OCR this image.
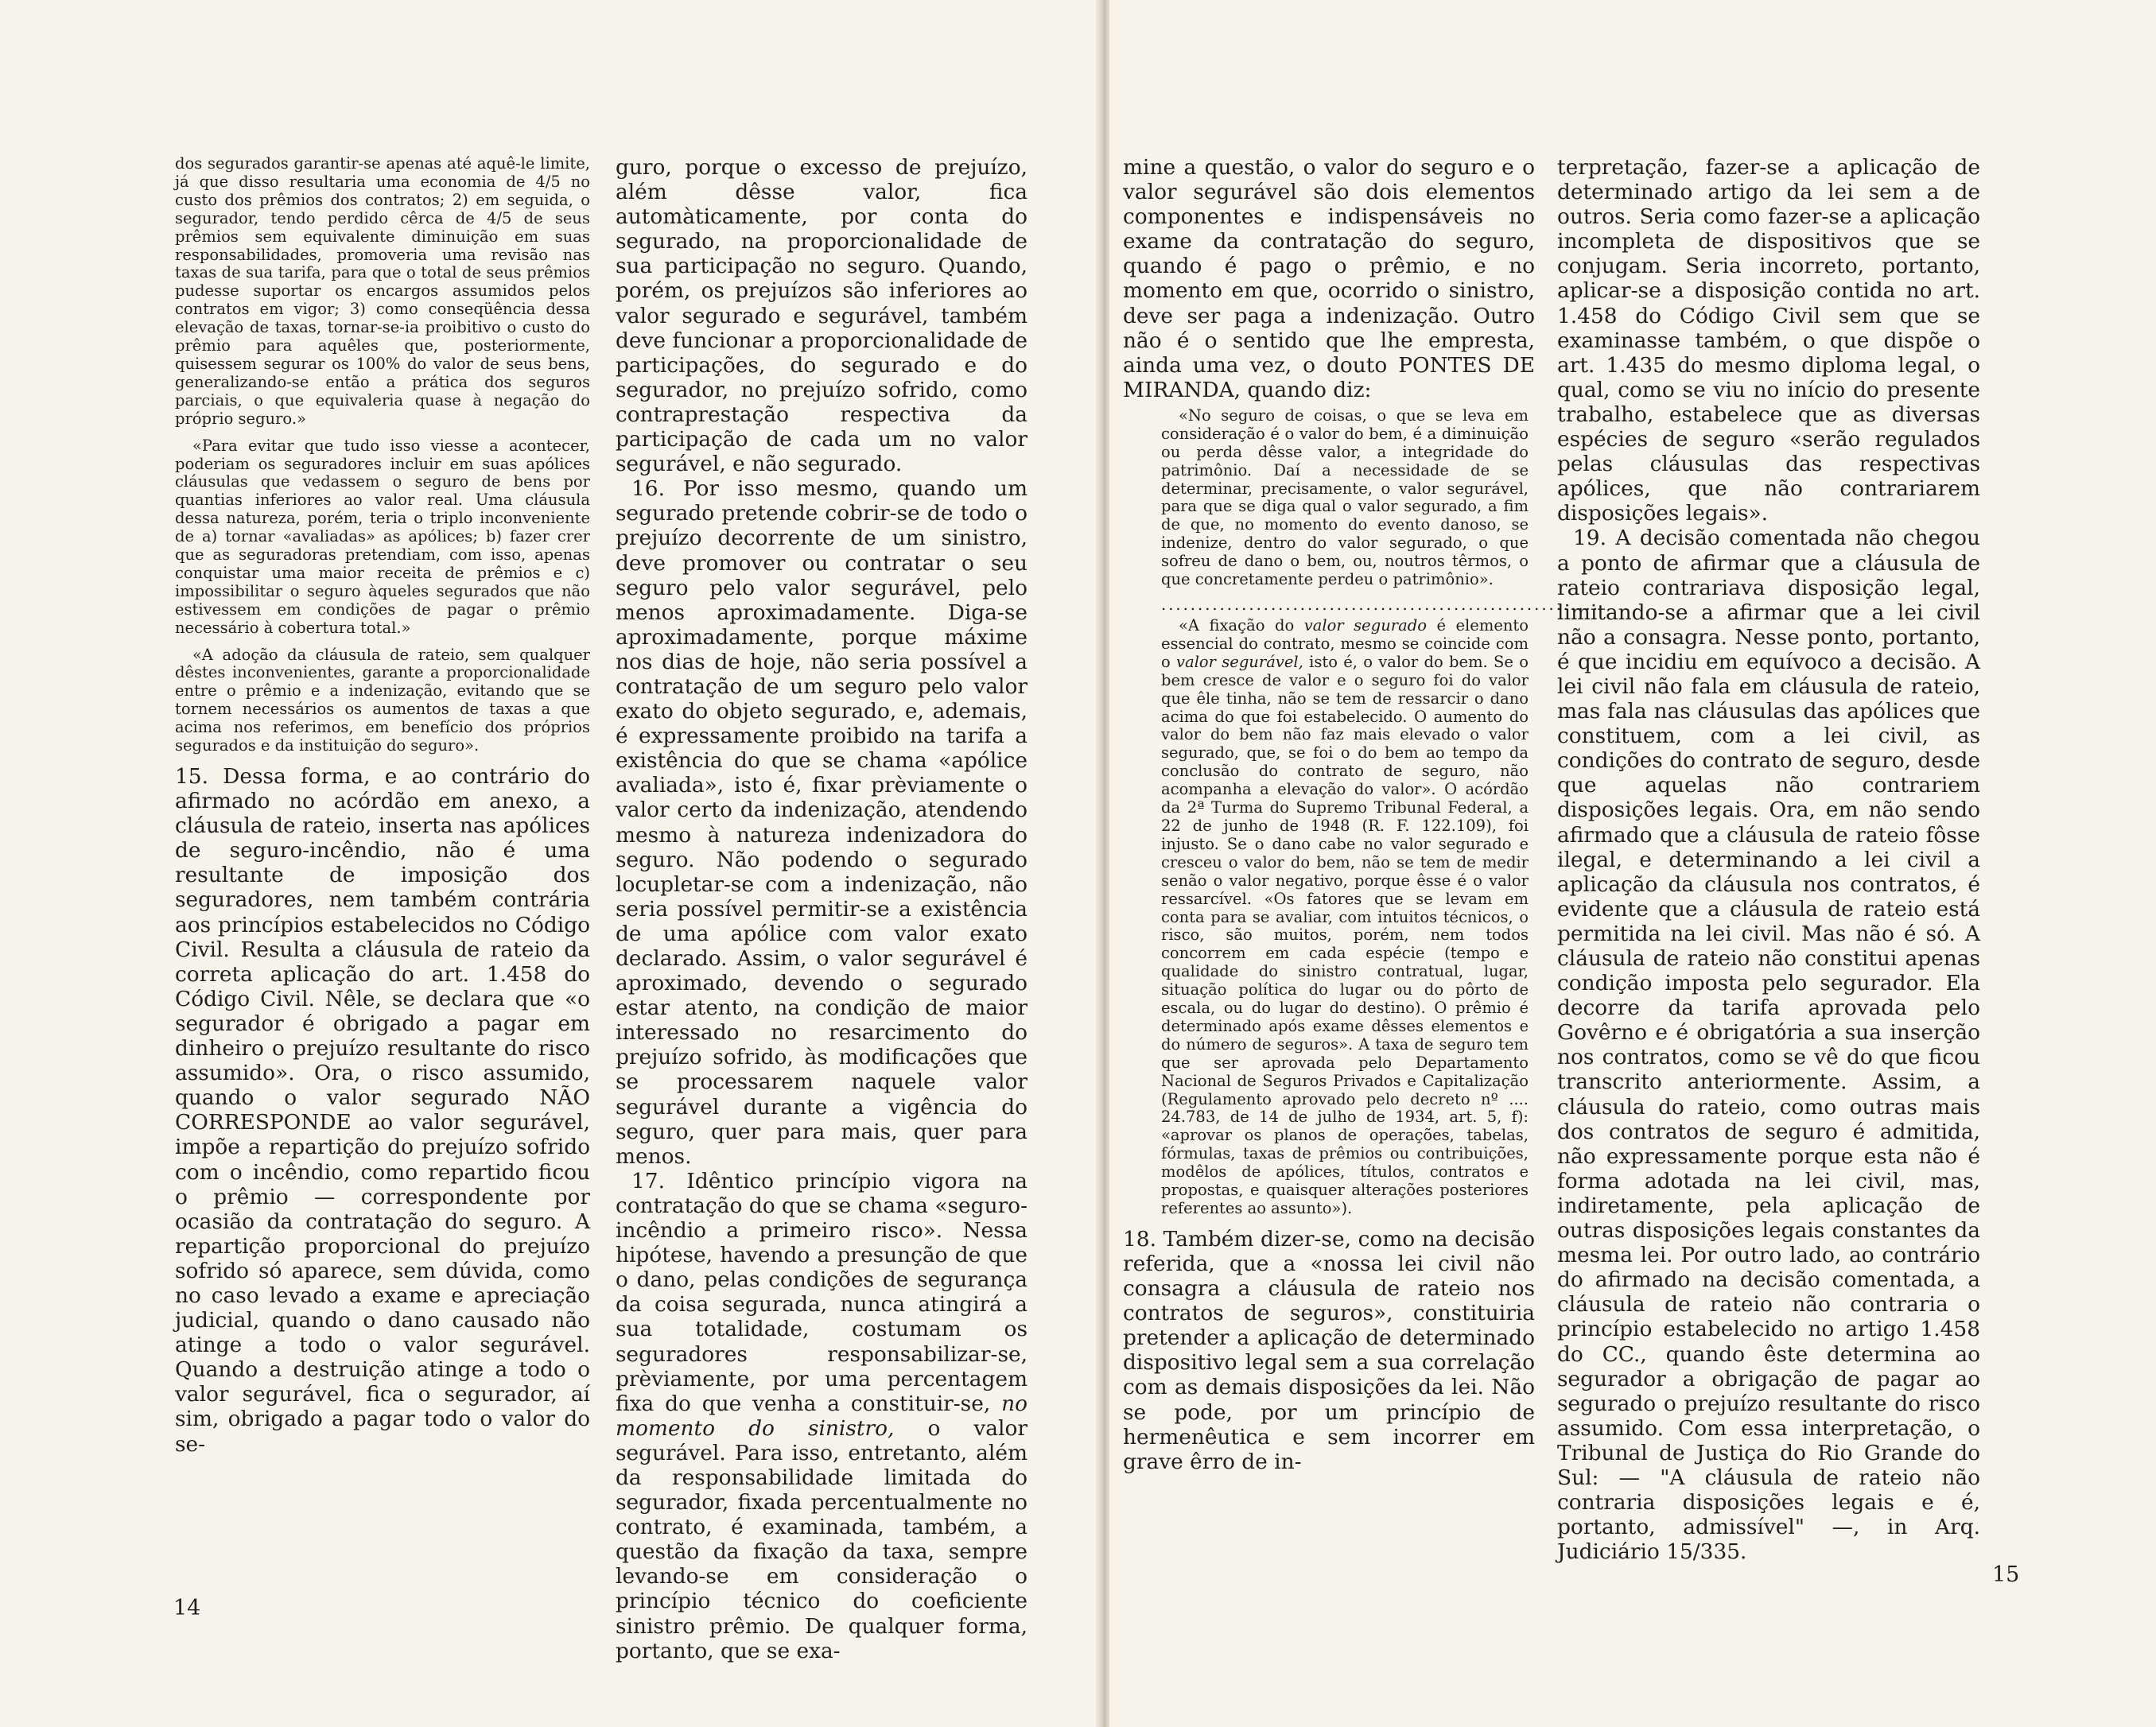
dos segurados garantir-se apenas até aquê-le limite, já que disso resultaria uma economia de 4/5 no custo dos prêmios dos contratos; 2) em seguida, o segurador, tendo perdido cêrca de 4/5 de seus prêmios sem equivalente diminuição em suas responsabilidades, promoveria uma revisão nas taxas de sua tarifa, para que o total de seus prêmios pudesse suportar os encargos assumidos pelos contratos em vigor; 3) como conseqüência dessa elevação de taxas, tornar-se-ia proibitivo o custo do prêmio para aquêles que, posteriormente, quisessem segurar os 100% do valor de seus bens, generalizando-se então a prática dos seguros parciais, o que equivaleria quase à negação do próprio seguro.»

«Para evitar que tudo isso viesse a acontecer, poderiam os seguradores incluir em suas apólices cláusulas que vedassem o seguro de bens por quantias inferiores ao valor real. Uma cláusula dessa natureza, porém, teria o triplo inconveniente de a) tornar «avaliadas» as apólices; b) fazer crer que as seguradoras pretendiam, com isso, apenas conquistar uma maior receita de prêmios e c) impossibilitar o seguro àqueles segurados que não estivessem em condições de pagar o prêmio necessário à cobertura total.»

«A adoção da cláusula de rateio, sem qualquer dêstes inconvenientes, garante a proporcionalidade entre o prêmio e a indenização, evitando que se tornem necessários os aumentos de taxas a que acima nos referimos, em benefício dos próprios segurados e da instituição do seguro».

15. Dessa forma, e ao contrário do afirmado no acórdão em anexo, a cláusula de rateio, inserta nas apólices de seguro-incêndio, não é uma resultante de imposição dos seguradores, nem também contrária aos princípios estabelecidos no Código Civil. Resulta a cláusula de rateio da correta aplicação do art. 1.458 do Código Civil. Nêle, se declara que «o segurador é obrigado a pagar em dinheiro o prejuízo resultante do risco assumido». Ora, o risco assumido, quando o valor segurado NÃO CORRESPONDE ao valor segurável, impõe a repartição do prejuízo sofrido com o incêndio, como repartido ficou o prêmio — correspondente por ocasião da contratação do seguro. A repartição proporcional do prejuízo sofrido só aparece, sem dúvida, como no caso levado a exame e apreciação judicial, quando o dano causado não atinge a todo o valor segurável. Quando a destruição atinge a todo o valor segurável, fica o segurador, aí sim, obrigado a pagar todo o valor do se-

guro, porque o excesso de prejuízo, além dêsse valor, fica automàticamente, por conta do segurado, na proporcionalidade de sua participação no seguro. Quando, porém, os prejuízos são inferiores ao valor segurado e segurável, também deve funcionar a proporcionalidade de participações, do segurado e do segurador, no prejuízo sofrido, como contraprestação respectiva da participação de cada um no valor segurável, e não segurado.

16. Por isso mesmo, quando um segurado pretende cobrir-se de todo o prejuízo decorrente de um sinistro, deve promover ou contratar o seu seguro pelo valor segurável, pelo menos aproximadamente. Diga-se aproximadamente, porque máxime nos dias de hoje, não seria possível a contratação de um seguro pelo valor exato do objeto segurado, e, ademais, é expressamente proibido na tarifa a existência do que se chama «apólice avaliada», isto é, fixar prèviamente o valor certo da indenização, atendendo mesmo à natureza indenizadora do seguro. Não podendo o segurado locupletar-se com a indenização, não seria possível permitir-se a existência de uma apólice com valor exato declarado. Assim, o valor segurável é aproximado, devendo o segurado estar atento, na condição de maior interessado no resarcimento do prejuízo sofrido, às modificações que se processarem naquele valor segurável durante a vigência do seguro, quer para mais, quer para menos.

17. Idêntico princípio vigora na contratação do que se chama «seguro-incêndio a primeiro risco». Nessa hipótese, havendo a presunção de que o dano, pelas condições de segurança da coisa segurada, nunca atingirá a sua totalidade, costumam os seguradores responsabilizar-se, prèviamente, por uma percentagem fixa do que venha a constituir-se, no momento do sinistro, o valor segurável. Para isso, entretanto, além da responsabilidade limitada do segurador, fixada percentualmente no contrato, é examinada, também, a questão da fixação da taxa, sempre levando-se em consideração o princípio técnico do coeficiente sinistro prêmio. De qualquer forma, portanto, que se exa-

14

mine a questão, o valor do seguro e o valor segurável são dois elementos componentes e indispensáveis no exame da contratação do seguro, quando é pago o prêmio, e no momento em que, ocorrido o sinistro, deve ser paga a indenização. Outro não é o sentido que lhe empresta, ainda uma vez, o douto PONTES DE MIRANDA, quando diz:

«No seguro de coisas, o que se leva em consideração é o valor do bem, é a diminuição ou perda dêsse valor, a integridade do patrimônio. Daí a necessidade de se determinar, precisamente, o valor segurável, para que se diga qual o valor segurado, a fim de que, no momento do evento danoso, se indenize, dentro do valor segurado, o que sofreu de dano o bem, ou, noutros têrmos, o que concretamente perdeu o patrimônio».

............................................................

«A fixação do valor segurado é elemento essencial do contrato, mesmo se coincide com o valor segurável, isto é, o valor do bem. Se o bem cresce de valor e o seguro foi do valor que êle tinha, não se tem de ressarcir o dano acima do que foi estabelecido. O aumento do valor do bem não faz mais elevado o valor segurado, que, se foi o do bem ao tempo da conclusão do contrato de seguro, não acompanha a elevação do valor». O acórdão da 2ª Turma do Supremo Tribunal Federal, a 22 de junho de 1948 (R. F. 122.109), foi injusto. Se o dano cabe no valor segurado e cresceu o valor do bem, não se tem de medir senão o valor negativo, porque êsse é o valor ressarcível. «Os fatores que se levam em conta para se avaliar, com intuitos técnicos, o risco, são muitos, porém, nem todos concorrem em cada espécie (tempo e qualidade do sinistro contratual, lugar, situação política do lugar ou do pôrto de escala, ou do lugar do destino). O prêmio é determinado após exame dêsses elementos e do número de seguros». A taxa de seguro tem que ser aprovada pelo Departamento Nacional de Seguros Privados e Capitalização (Regulamento aprovado pelo decreto nº .... 24.783, de 14 de julho de 1934, art. 5, f): «aprovar os planos de operações, tabelas, fórmulas, taxas de prêmios ou contribuições, modêlos de apólices, títulos, contratos e propostas, e quaisquer alterações posteriores referentes ao assunto»).

18. Também dizer-se, como na decisão referida, que a «nossa lei civil não consagra a cláusula de rateio nos contratos de seguros», constituiria pretender a aplicação de determinado dispositivo legal sem a sua correlação com as demais disposições da lei. Não se pode, por um princípio de hermenêutica e sem incorrer em grave êrro de in-

terpretação, fazer-se a aplicação de determinado artigo da lei sem a de outros. Seria como fazer-se a aplicação incompleta de dispositivos que se conjugam. Seria incorreto, portanto, aplicar-se a disposição contida no art. 1.458 do Código Civil sem que se examinasse também, o que dispõe o art. 1.435 do mesmo diploma legal, o qual, como se viu no início do presente trabalho, estabelece que as diversas espécies de seguro «serão regulados pelas cláusulas das respectivas apólices, que não contrariarem disposições legais».

19. A decisão comentada não chegou a ponto de afirmar que a cláusula de rateio contrariava disposição legal, limitando-se a afirmar que a lei civil não a consagra. Nesse ponto, portanto, é que incidiu em equívoco a decisão. A lei civil não fala em cláusula de rateio, mas fala nas cláusulas das apólices que constituem, com a lei civil, as condições do contrato de seguro, desde que aquelas não contrariem disposições legais. Ora, em não sendo afirmado que a cláusula de rateio fôsse ilegal, e determinando a lei civil a aplicação da cláusula nos contratos, é evidente que a cláusula de rateio está permitida na lei civil. Mas não é só. A cláusula de rateio não constitui apenas condição imposta pelo segurador. Ela decorre da tarifa aprovada pelo Govêrno e é obrigatória a sua inserção nos contratos, como se vê do que ficou transcrito anteriormente. Assim, a cláusula do rateio, como outras mais dos contratos de seguro é admitida, não expressamente porque esta não é forma adotada na lei civil, mas, indiretamente, pela aplicação de outras disposições legais constantes da mesma lei. Por outro lado, ao contrário do afirmado na decisão comentada, a cláusula de rateio não contraria o princípio estabelecido no artigo 1.458 do CC., quando êste determina ao segurador a obrigação de pagar ao segurado o prejuízo resultante do risco assumido. Com essa interpretação, o Tribunal de Justiça do Rio Grande do Sul: — "A cláusula de rateio não contraria disposições legais e é, portanto, admissível" —, in Arq. Judiciário 15/335.

15
